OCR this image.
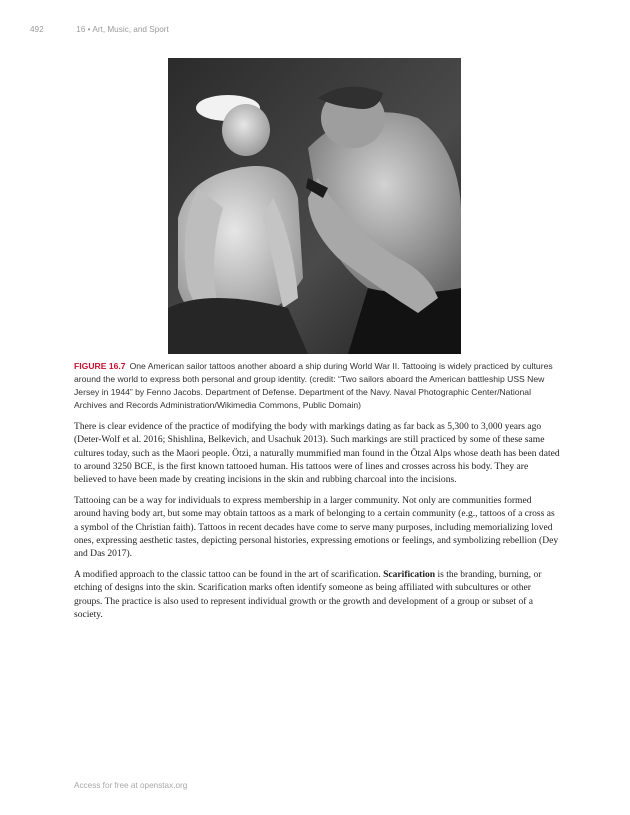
492	16 • Art, Music, and Sport
FIGURE 16.7 One American sailor tattoos another aboard a ship during World War II. Tattooing is widely practiced by cultures around the world to express both personal and group identity. (credit: “Two sailors aboard the American battleship USS New Jersey in 1944” by Fenno Jacobs. Department of Defense. Department of the Navy. Naval Photographic Center/National Archives and Records Administration/Wikimedia Commons, Public Domain)

There is clear evidence of the practice of modifying the body with markings dating as far back as 5,300 to 3,000 years ago (Deter-Wolf et al. 2016; Shishlina, Belkevich, and Usachuk 2013). Such markings are still practiced by some of these same cultures today, such as the Maori people. Ötzi, a naturally mummified man found in the Ötzal Alps whose death has been dated to around 3250 BCE, is the first known tattooed human. His tattoos were of lines and crosses across his body. They are believed to have been made by creating incisions in the skin and rubbing charcoal into the incisions.

Tattooing can be a way for individuals to express membership in a larger community. Not only are communities formed around having body art, but some may obtain tattoos as a mark of belonging to a certain community (e.g., tattoos of a cross as a symbol of the Christian faith). Tattoos in recent decades have come to serve many purposes, including memorializing loved ones, expressing aesthetic tastes, depicting personal histories, expressing emotions or feelings, and symbolizing rebellion (Dey and Das 2017).

A modified approach to the classic tattoo can be found in the art of scarification. Scarification is the branding, burning, or etching of designs into the skin. Scarification marks often identify someone as being affiliated with subcultures or other groups. The practice is also used to represent individual growth or the growth and development of a group or subset of a society.

Access for free at openstax.org
